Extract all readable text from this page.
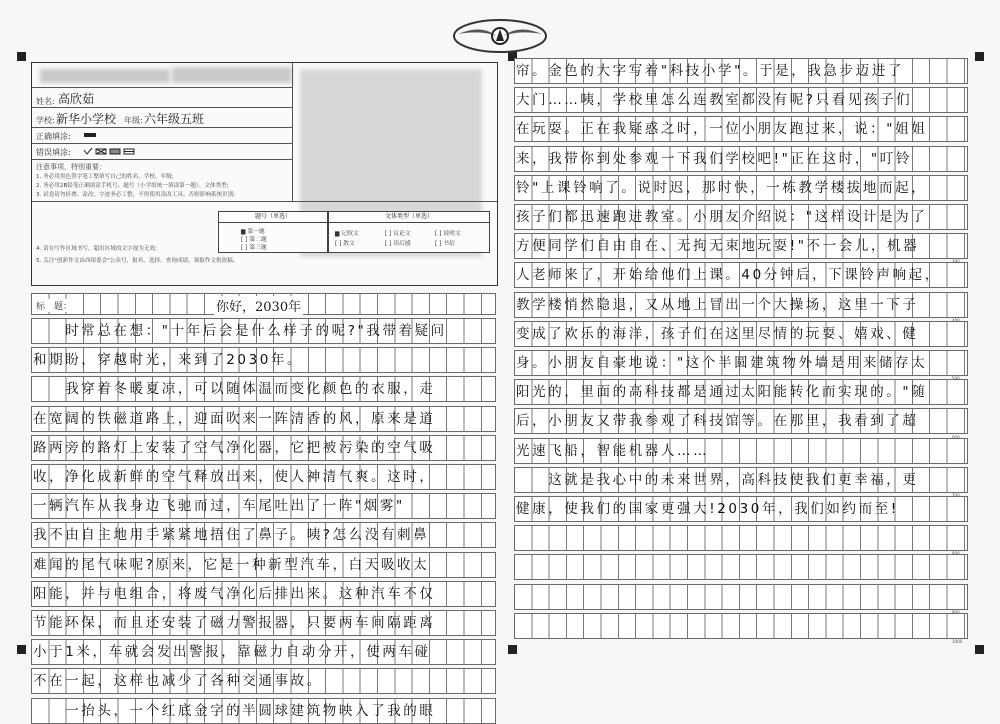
姓名: 高欣茹
学校: 新华小学校 年级: 六年级五班
正确填涂:
错误填涂:
注意事项，特别重要：
1. 务必用黑色签字笔工整填写自己的姓名、学校、年级;
2. 务必用2B铅笔正确填涂手机号、题号（小学组统一填涂第一题）、文体类型;
3. 试卷请勿折叠、涂改；字迹务必工整，不得使用涂改工具、否则影响系统识别;
4. 请在写作区域书写，超出区域的文字视为无效;
5. 关注"创新作文由西组委会"公众号，报名、选择、查询成绩，领取作文批改稿。
题号（单选）
▆ 第一题
[ ] 第二题
[ ] 第三题
文体类型（单选）
▆ 记叙文	[ ] 议论文	[ ] 说明文
[ ] 散文	[ ] 读后感	[ ] 书信
标　题：	你好，2030年
　　时常总在想："十年后会是什么样子的呢?"我带着疑问
和期盼，穿越时光，来到了2030年。
　　我穿着冬暖夏凉，可以随体温而变化颜色的衣服，走
在宽阔的铁磁道路上，迎面吹来一阵清香的风，原来是道
路两旁的路灯上安装了空气净化器，它把被污染的空气吸
收，净化成新鲜的空气释放出来，使人神清气爽。这时，
一辆汽车从我身边飞驰而过，车尾吐出了一阵"烟雾"
我不由自主地用手紧紧地捂住了鼻子。咦?怎么没有刺鼻
难闻的尾气味呢?原来，它是一种新型汽车，白天吸收太
阳能，并与电组合，将废气净化后排出来。这种汽车不仅
节能环保，而且还安装了磁力警报器，只要两车间隔距离
小于1米，车就会发出警报，靠磁力自动分开，使两车碰
不在一起，这样也减少了各种交通事故。
　　一抬头，一个红底金字的半圆球建筑物映入了我的眼
帘。金色的大字写着"科技小学"。于是，我急步迈进了
大门……咦，学校里怎么连教室都没有呢?只看见孩子们
在玩耍。正在我疑惑之时，一位小朋友跑过来，说："姐姐
来，我带你到处参观一下我们学校吧!"正在这时，"叮铃
铃"上课铃响了。说时迟，那时快，一栋教学楼拔地而起，
孩子们都迅速跑进教室。小朋友介绍说："这样设计是为了
方便同学们自由自在、无拘无束地玩耍!"不一会儿，机器
人老师来了，开始给他们上课。40分钟后，下课铃声响起，
教学楼悄然隐退，又从地上冒出一个大操场，这里一下子
变成了欢乐的海洋，孩子们在这里尽情的玩耍、嬉戏、健
身。小朋友自豪地说："这个半圆建筑物外墙是用来储存太
阳光的，里面的高科技都是通过太阳能转化而实现的。"随
后，小朋友又带我参观了科技馆等。在那里，我看到了超
光速飞船，智能机器人……
　　这就是我心中的未来世界，高科技使我们更幸福，更
健康，使我们的国家更强大!2030年，我们如约而至!
300
400
500
600
700
800
900
1000
